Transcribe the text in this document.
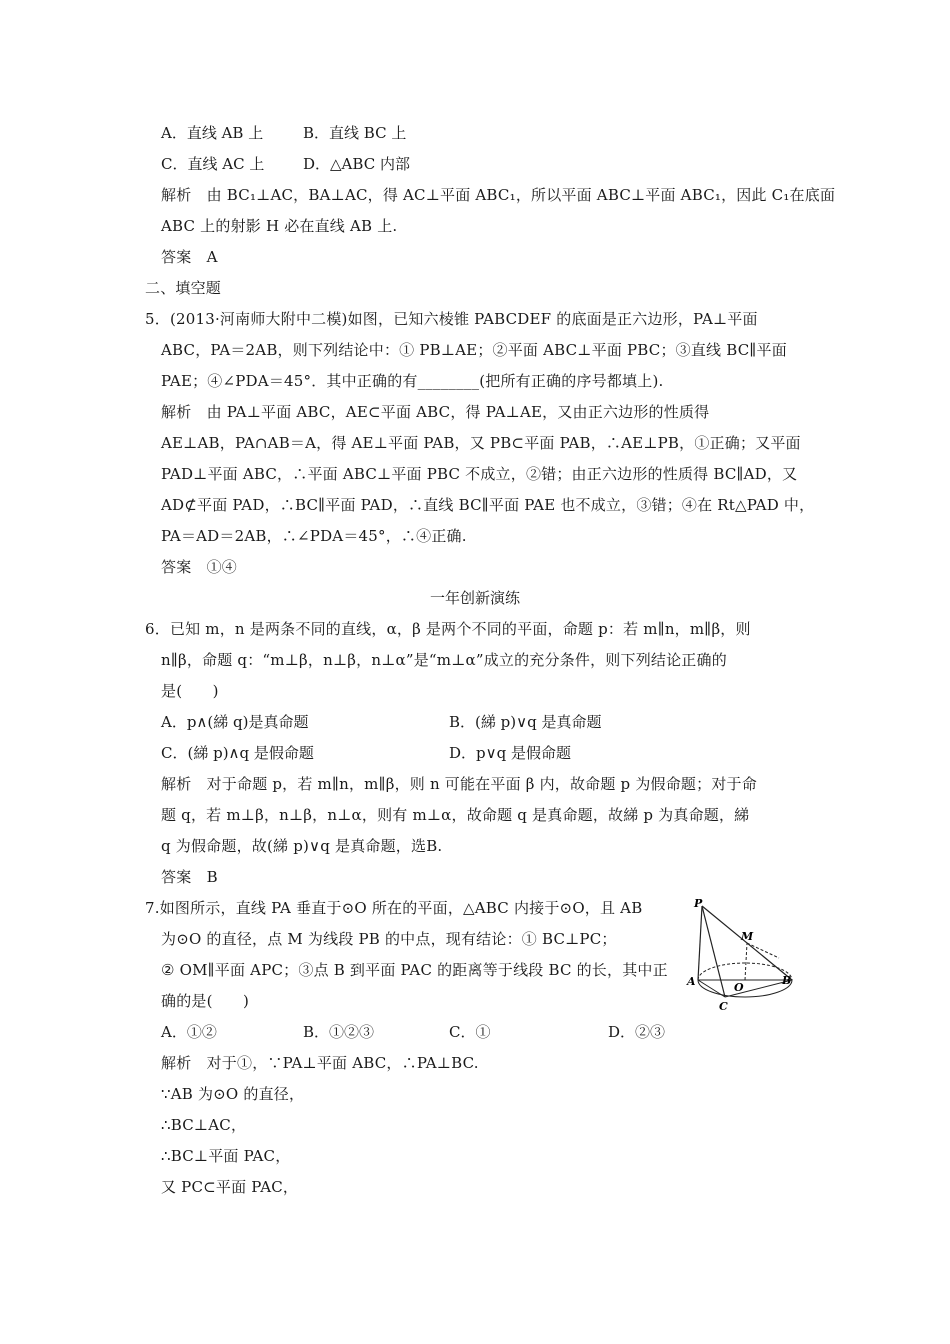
A．直线 AB 上	B．直线 BC 上
C．直线 AC 上	D．△ABC 内部
解析　由 BC₁⊥AC，BA⊥AC，得 AC⊥平面 ABC₁，所以平面 ABC⊥平面 ABC₁，因此 C₁在底面
ABC 上的射影 H 必在直线 AB 上.
答案　A
二、填空题
5．(2013·河南师大附中二模)如图，已知六棱锥 PABCDEF 的底面是正六边形，PA⊥平面
ABC，PA＝2AB，则下列结论中：① PB⊥AE；②平面 ABC⊥平面 PBC；③直线 BC∥平面
PAE；④∠PDA＝45°．其中正确的有________(把所有正确的序号都填上).
解析　由 PA⊥平面 ABC，AE⊂平面 ABC，得 PA⊥AE，又由正六边形的性质得
AE⊥AB，PA∩AB＝A，得 AE⊥平面 PAB，又 PB⊂平面 PAB，∴AE⊥PB，①正确；又平面
PAD⊥平面 ABC，∴平面 ABC⊥平面 PBC 不成立，②错；由正六边形的性质得 BC∥AD，又
AD⊄平面 PAD，∴BC∥平面 PAD，∴直线 BC∥平面 PAE 也不成立，③错；④在 Rt△PAD 中，
PA＝AD＝2AB，∴∠PDA＝45°，∴④正确.
答案　①④
一年创新演练
6．已知 m，n 是两条不同的直线，α，β 是两个不同的平面，命题 p：若 m∥n，m∥β，则
n∥β，命题 q：“m⊥β，n⊥β，n⊥α”是“m⊥α”成立的充分条件，则下列结论正确的
是(　　)
A．p∧(綈 q)是真命题	B．(綈 p)∨q 是真命题
C．(綈 p)∧q 是假命题	D．p∨q 是假命题
解析　对于命题 p，若 m∥n，m∥β，则 n 可能在平面 β 内，故命题 p 为假命题；对于命
题 q，若 m⊥β，n⊥β，n⊥α，则有 m⊥α，故命题 q 是真命题，故綈 p 为真命题，綈
q 为假命题，故(綈 p)∨q 是真命题，选B.
答案　B
7.如图所示，直线 PA 垂直于⊙O 所在的平面，△ABC 内接于⊙O，且 AB
为⊙O 的直径，点 M 为线段 PB 的中点，现有结论：① BC⊥PC；
② OM∥平面 APC；③点 B 到平面 PAC 的距离等于线段 BC 的长，其中正
确的是(　　)
A．①②	B．①②③	C．①	D．②③
解析　对于①，∵PA⊥平面 ABC，∴PA⊥BC.
∵AB 为⊙O 的直径，
∴BC⊥AC，
∴BC⊥平面 PAC，
又 PC⊂平面 PAC，
P
M
A	O
B
C
